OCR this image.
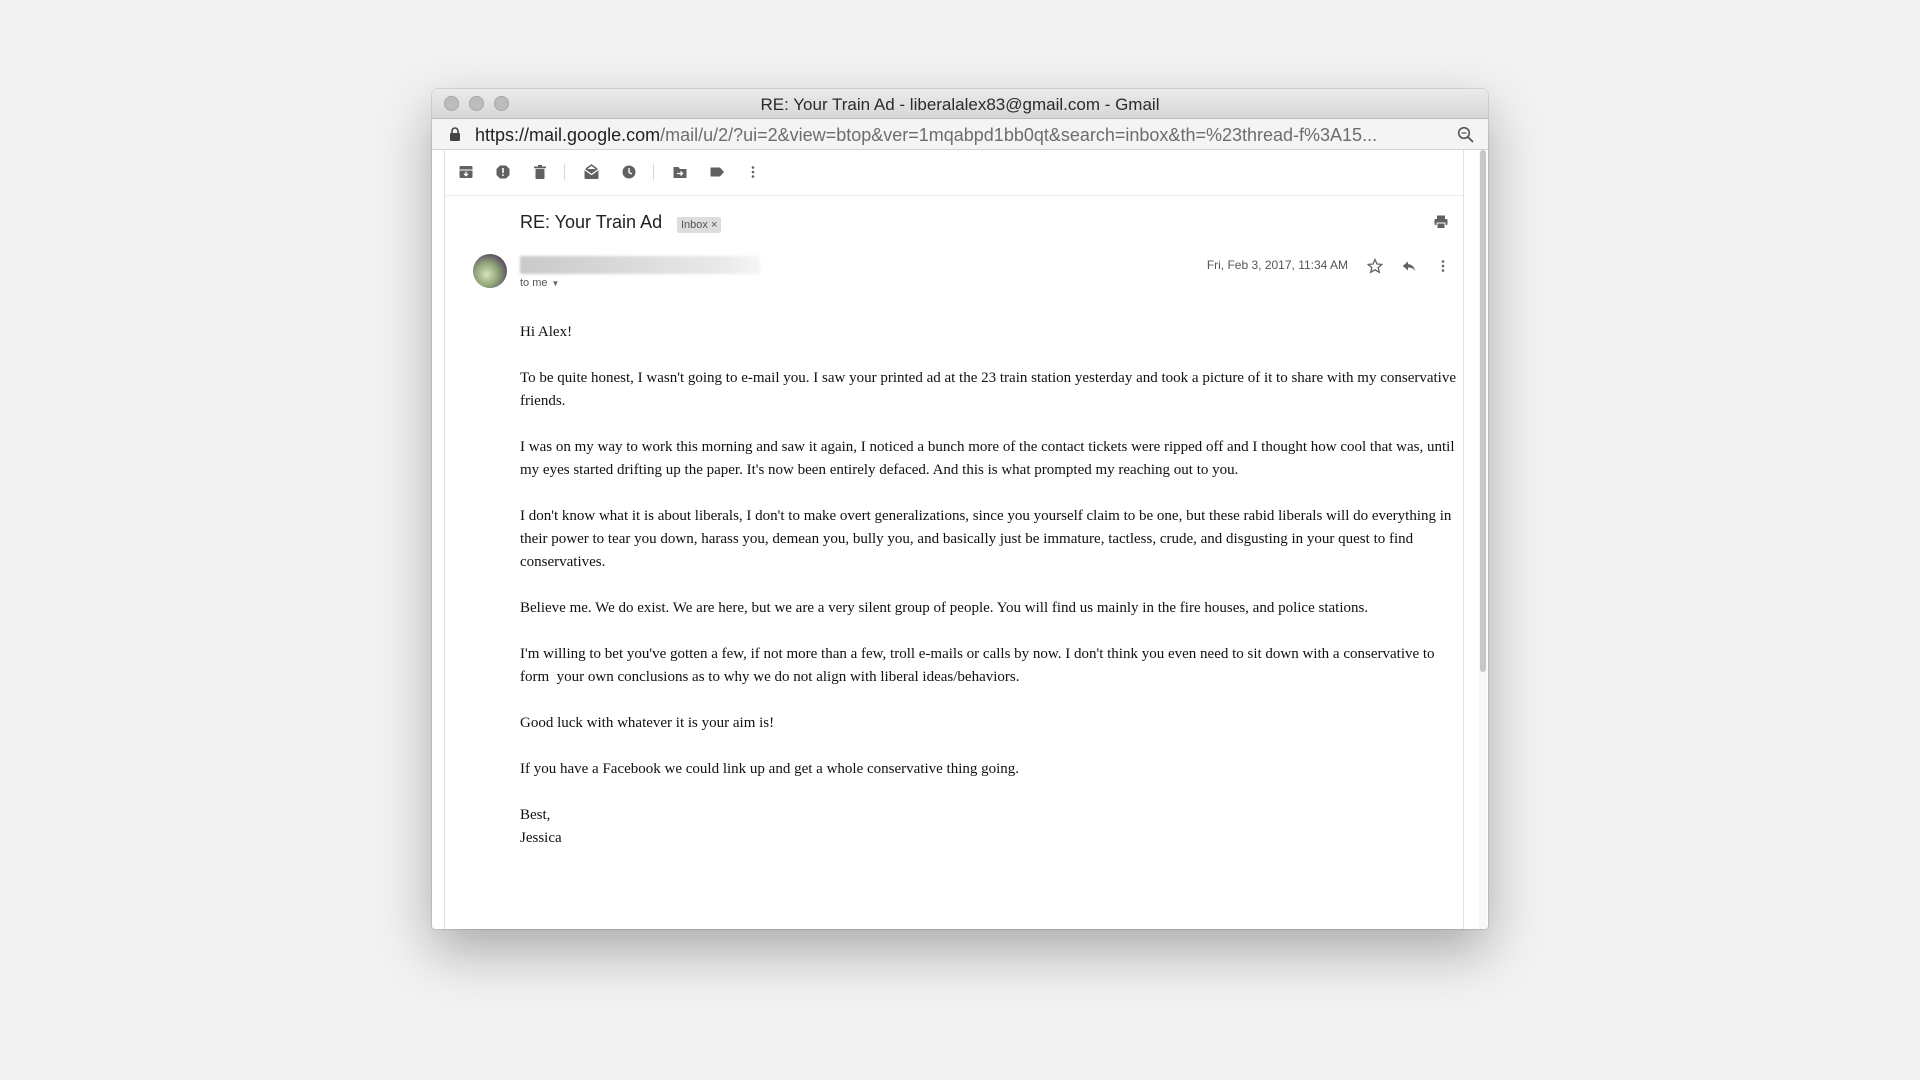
RE: Your Train Ad - liberalalex83@gmail.com - Gmail
https://mail.google.com/mail/u/2/?ui=2&view=btop&ver=1mqabpd1bb0qt&search=inbox&th=%23thread-f%3A15...
RE: Your Train Ad	Inbox ×
to me ▼
Fri, Feb 3, 2017, 11:34 AM

Hi Alex!

To be quite honest, I wasn't going to e-mail you. I saw your printed ad at the 23 train station yesterday and took a picture of it to share with my conservative friends.

I was on my way to work this morning and saw it again, I noticed a bunch more of the contact tickets were ripped off and I thought how cool that was, until my eyes started drifting up the paper. It's now been entirely defaced. And this is what prompted my reaching out to you.

I don't know what it is about liberals, I don't to make overt generalizations, since you yourself claim to be one, but these rabid liberals will do everything in their power to tear you down, harass you, demean you, bully you, and basically just be immature, tactless, crude, and disgusting in your quest to find conservatives.

Believe me. We do exist. We are here, but we are a very silent group of people. You will find us mainly in the fire houses, and police stations.

I'm willing to bet you've gotten a few, if not more than a few, troll e-mails or calls by now. I don't think you even need to sit down with a conservative to form  your own conclusions as to why we do not align with liberal ideas/behaviors.

Good luck with whatever it is your aim is!

If you have a Facebook we could link up and get a whole conservative thing going.

Best,
Jessica
